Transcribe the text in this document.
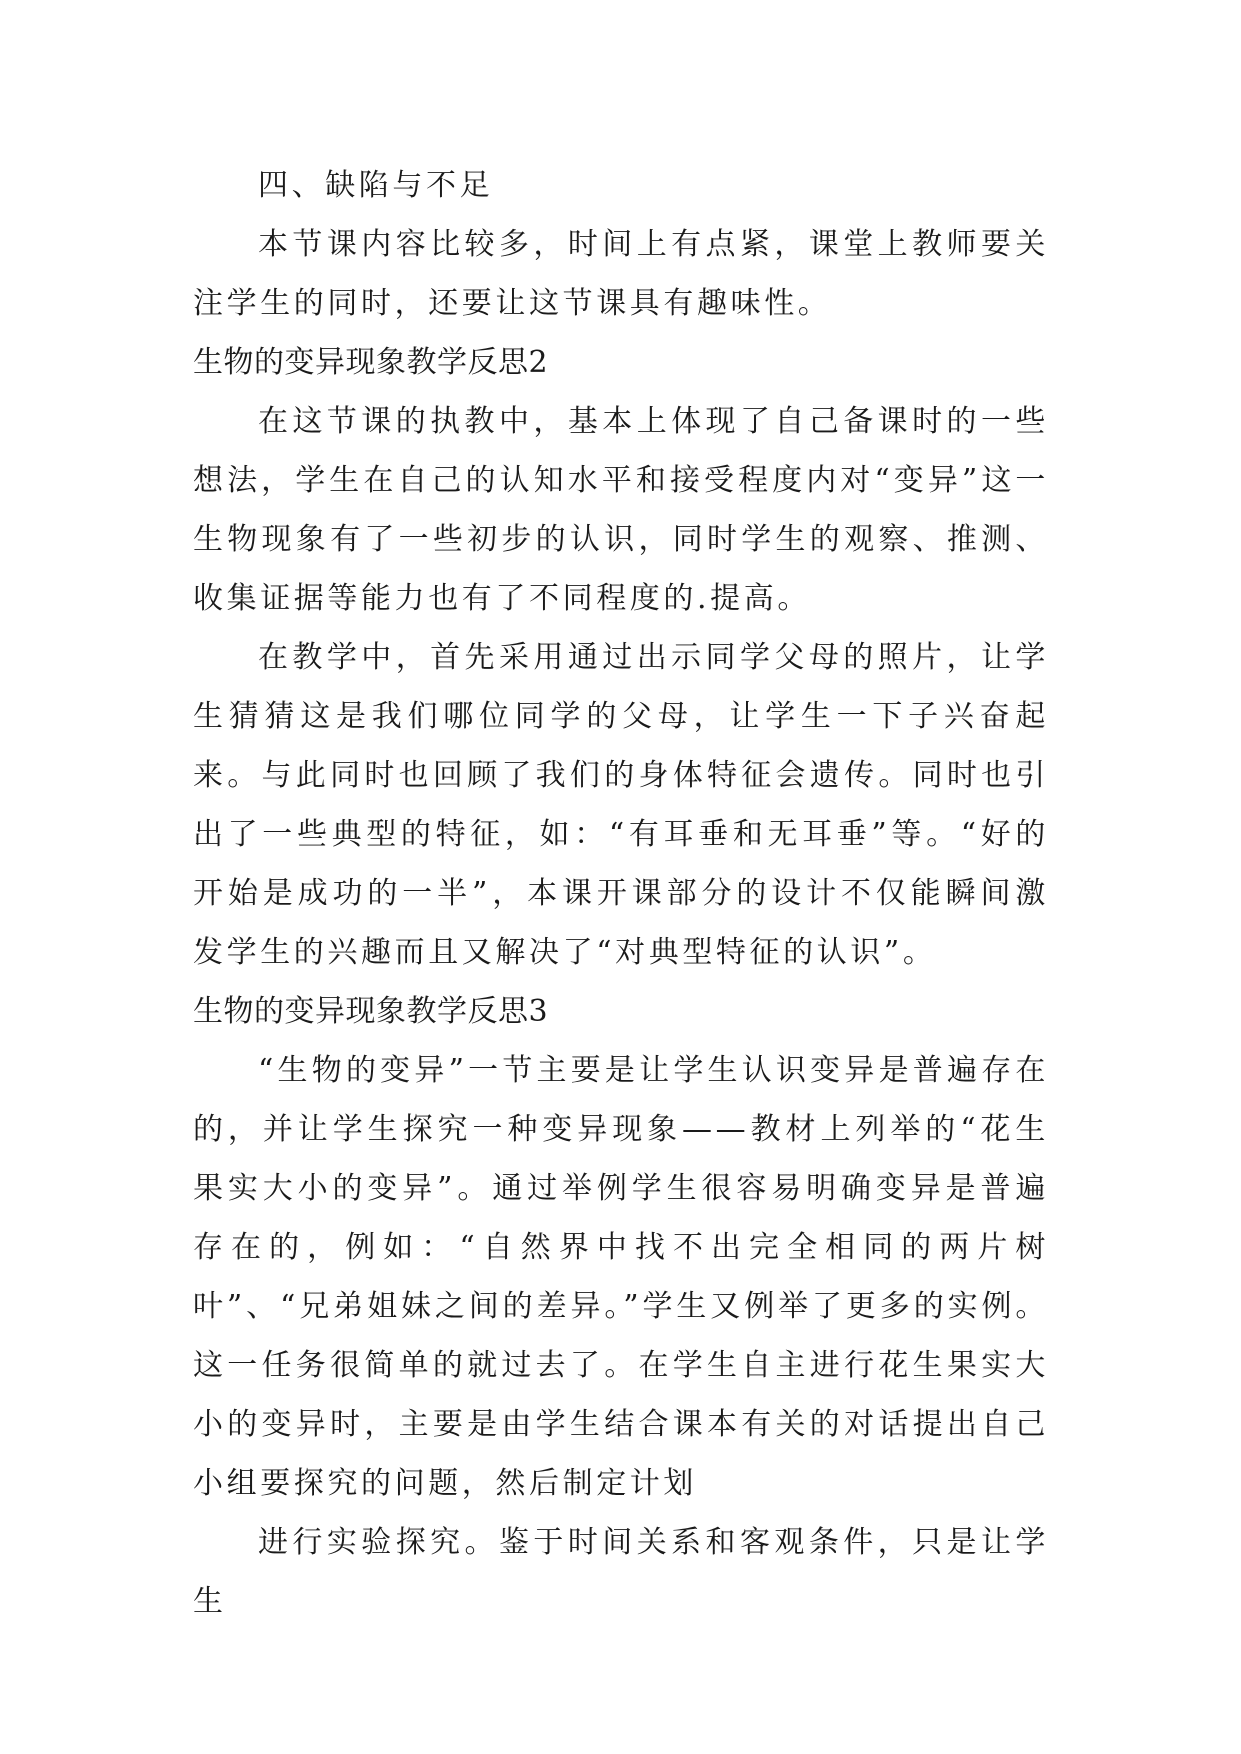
四、缺陷与不足

本节课内容比较多，时间上有点紧，课堂上教师要关注学生的同时，还要让这节课具有趣味性。

生物的变异现象教学反思2

在这节课的执教中，基本上体现了自己备课时的一些想法，学生在自己的认知水平和接受程度内对“变异”这一生物现象有了一些初步的认识，同时学生的观察、推测、收集证据等能力也有了不同程度的.提高。

在教学中，首先采用通过出示同学父母的照片，让学生猜猜这是我们哪位同学的父母，让学生一下子兴奋起来。与此同时也回顾了我们的身体特征会遗传。同时也引出了一些典型的特征，如：“有耳垂和无耳垂”等。“好的开始是成功的一半”，本课开课部分的设计不仅能瞬间激发学生的兴趣而且又解决了“对典型特征的认识”。

生物的变异现象教学反思3

“生物的变异”一节主要是让学生认识变异是普遍存在的，并让学生探究一种变异现象——教材上列举的“花生果实大小的变异”。通过举例学生很容易明确变异是普遍存在的，例如：“自然界中找不出完全相同的两片树叶”、“兄弟姐妹之间的差异。”学生又例举了更多的实例。这一任务很简单的就过去了。在学生自主进行花生果实大小的变异时，主要是由学生结合课本有关的对话提出自己小组要探究的问题，然后制定计划

进行实验探究。鉴于时间关系和客观条件，只是让学生
